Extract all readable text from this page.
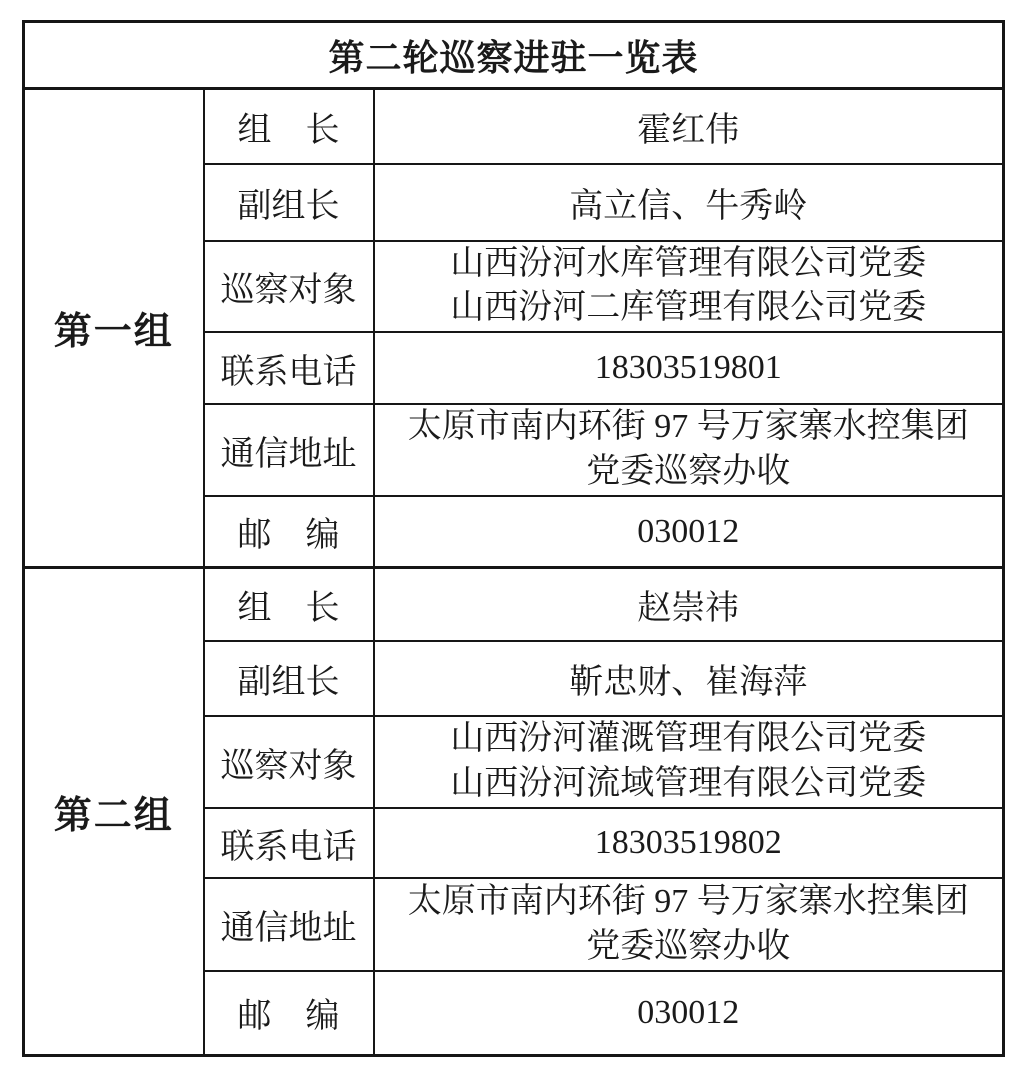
第二轮巡察进驻一览表		
第一组	组　长	霍红伟
	副组长	高立信、牛秀岭
	巡察对象	山西汾河水库管理有限公司党委
山西汾河二库管理有限公司党委

	联系电话	18303519801
	通信地址	太原市南内环街 97 号万家寨水控集团
党委巡察办收

	邮　编	030012
第二组	组　长	赵崇祎
	副组长	靳忠财、崔海萍
	巡察对象	山西汾河灌溉管理有限公司党委
山西汾河流域管理有限公司党委

	联系电话	18303519802
	通信地址	太原市南内环街 97 号万家寨水控集团
党委巡察办收

	邮　编	030012
